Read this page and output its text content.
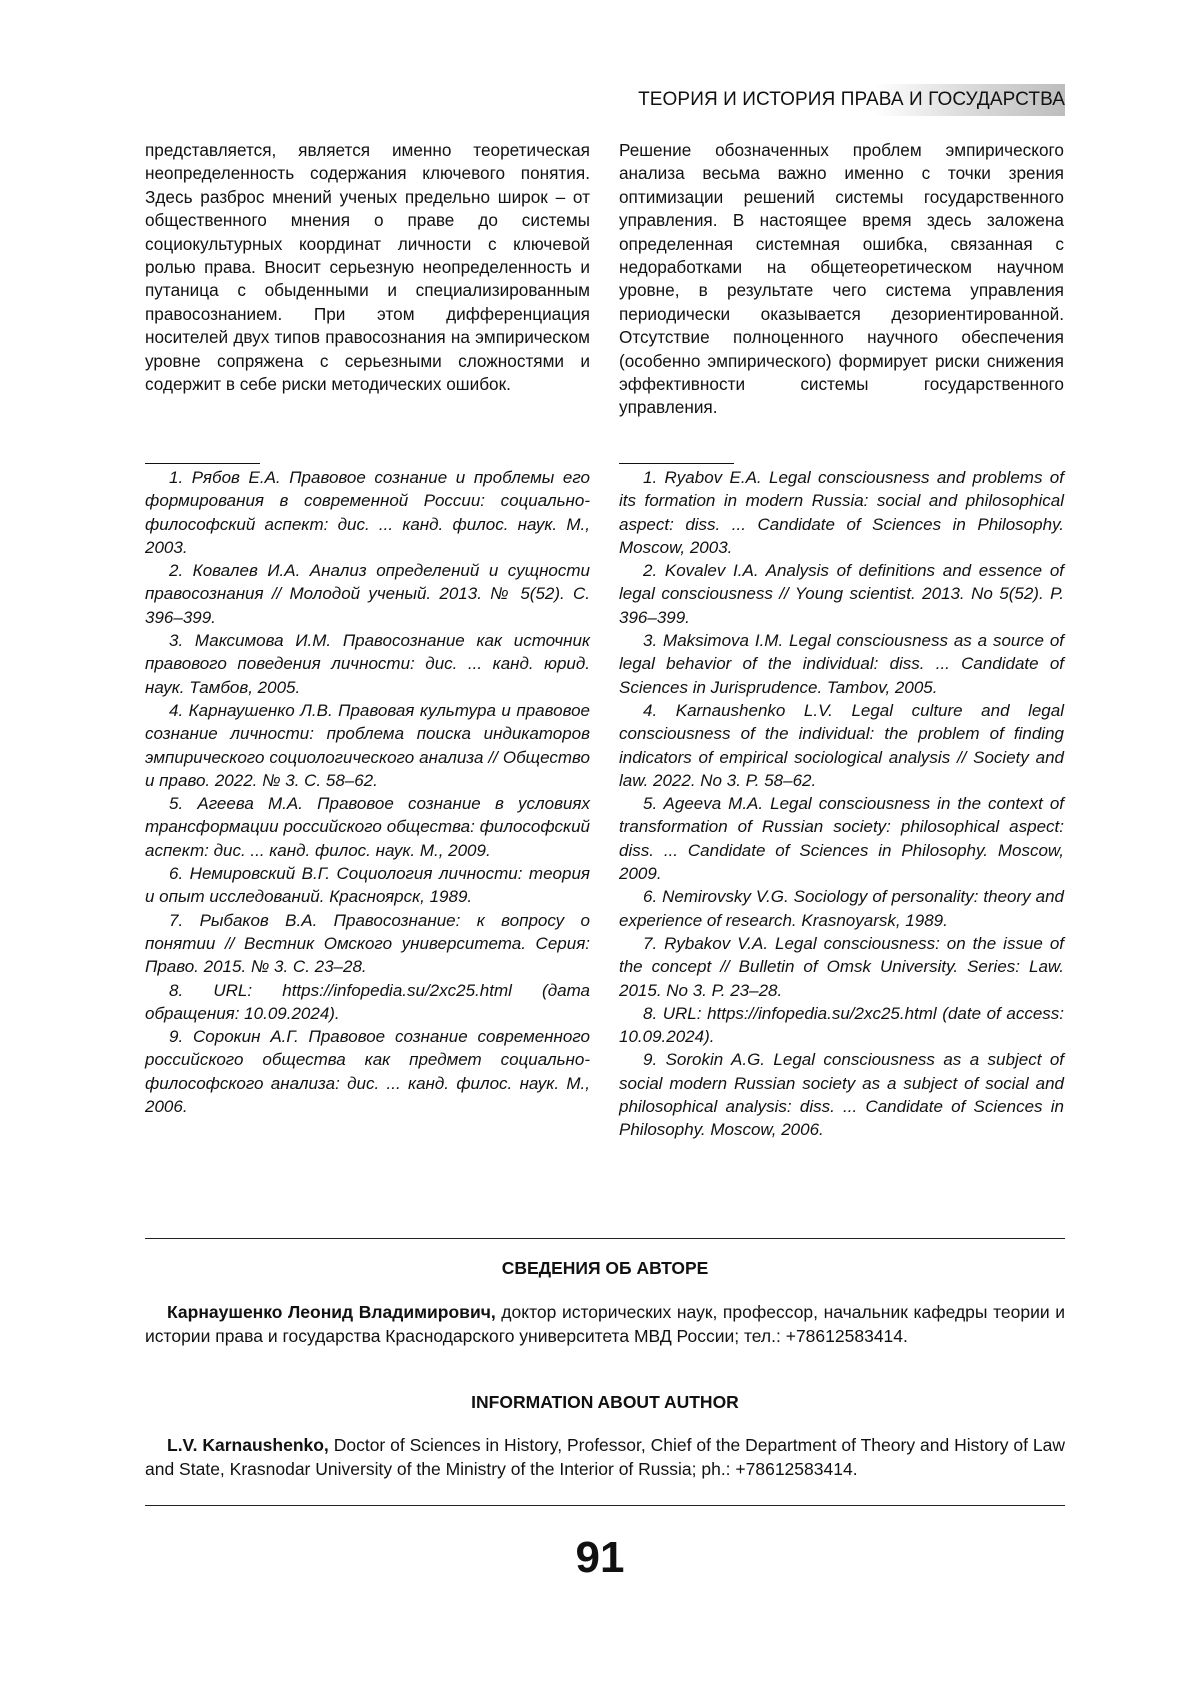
ТЕОРИЯ И ИСТОРИЯ ПРАВА И ГОСУДАРСТВА

представляется, является именно теоретиче­ская неопределенность содержания ключевого понятия. Здесь разброс мнений ученых пре­дельно широк – от общественного мнения о праве до системы социокультурных координат личности с ключевой ролью права. Вносит се­рьезную неопределенность и путаница с обы­денными и специализированным правосозна­нием. При этом дифференциация носителей двух типов правосознания на эмпирическом уровне сопряжена с серьезными сложностями и содержит в себе риски методических ошибок.

Решение обозначенных проблем эмпирического анализа весьма важно именно с точки зрения оптимизации решений системы государствен­ного управления. В настоящее время здесь заложена определенная системная ошибка, связанная с недоработками на общетеорети­ческом научном уровне, в результате чего си­стема управления периодически оказывается дезориентированной. Отсутствие полноценно­го научного обеспечения (особенно эмпириче­ского) формирует риски снижения эффектив­ности системы государственного управления.

1. Рябов Е.А. Правовое сознание и пробле­мы его формирования в современной России: социально-философский аспект: дис. ... канд. филос. наук. М., 2003.

2. Ковалев И.А. Анализ определений и сущ­ности правосознания // Молодой ученый. 2013. № 5(52). С. 396–399.

3. Максимова И.М. Правосознание как источник правового поведения личности: дис. ... канд. юрид. наук. Тамбов, 2005.

4. Карнаушенко Л.В. Правовая культура и правовое сознание личности: проблема поис­ка индикаторов эмпирического социологиче­ского анализа // Общество и право. 2022. № 3. С. 58–62.

5. Агеева М.А. Правовое сознание в усло­виях трансформации российского общества: философский аспект: дис. ... канд. филос. наук. М., 2009.

6. Немировский В.Г. Социология личности: теория и опыт исследований. Красноярск, 1989.

7. Рыбаков В.А. Правосознание: к вопросу о понятии // Вестник Омского университета. Серия: Право. 2015. № 3. С. 23–28.

8. URL: https://infopedia.su/2xc25.html (дата обращения: 10.09.2024).

9. Сорокин А.Г. Правовое сознание совре­менного российского общества как предмет социально-философского анализа: дис. ... канд. филос. наук. М., 2006.

1. Ryabov E.A. Legal consciousness and problems of its formation in modern Russia: social and philosophical aspect: diss. ... Candidate of Sciences in Philosophy. Moscow, 2003.

2. Kovalev I.A. Analysis of definitions and essence of legal consciousness // Young scientist. 2013. No 5(52). P. 396–399.

3. Maksimova I.M. Legal consciousness as a source of legal behavior of the individual: diss. ... Candidate of Sciences in Jurisprudence. Tambov, 2005.

4. Karnaushenko L.V. Legal culture and legal consciousness of the individual: the problem of finding indicators of empirical sociological analysis // Society and law. 2022. No 3. P. 58–62.

5. Ageeva M.A. Legal consciousness in the context of transformation of Russian society: philosophical aspect: diss. ... Candidate of Sciences in Philosophy. Moscow, 2009.

6. Nemirovsky V.G. Sociology of personality: theory and experience of research. Krasnoyarsk, 1989.

7. Rybakov V.A. Legal consciousness: on the issue of the concept // Bulletin of Omsk University. Series: Law. 2015. No 3. P. 23–28.

8. URL: https://infopedia.su/2xc25.html (date of access: 10.09.2024).

9. Sorokin A.G. Legal consciousness as a subject of social modern Russian society as a subject of social and philosophical analysis: diss. ... Candidate of Sciences in Philosophy. Moscow, 2006.

СВЕДЕНИЯ ОБ АВТОРЕ

Карнаушенко Леонид Владимирович, доктор исторических наук, профессор, начальник кафедры теории и истории права и государства Краснодарского университета МВД России; тел.: +78612583414.

INFORMATION ABOUT AUTHOR

L.V. Karnaushenko, Doctor of Sciences in History, Professor, Chief of the Department of Theory and History of Law and State, Krasnodar University of the Ministry of the Interior of Russia; ph.: +78612583414.

91
